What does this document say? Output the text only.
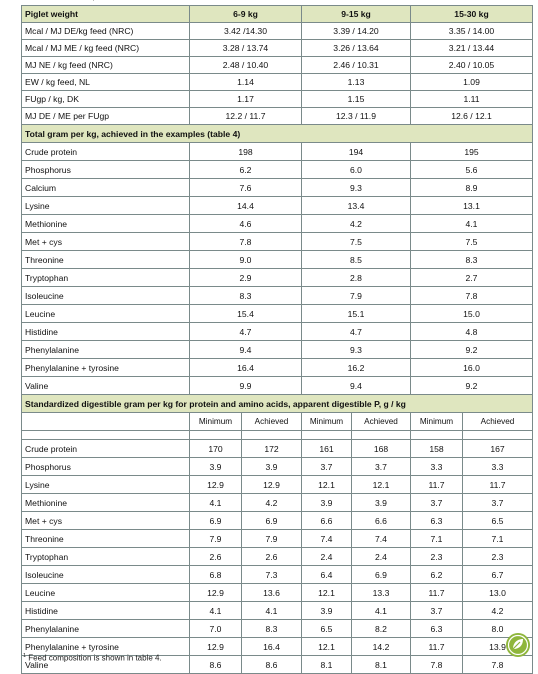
Piglet weight	6-9 kg		9-15 kg		15-30 kg	
Mcal / MJ DE/kg feed (NRC)	3.42 /14.30		3.39 / 14.20		3.35 / 14.00	
Mcal / MJ ME / kg feed (NRC)	3.28 / 13.74		3.26 / 13.64		3.21 / 13.44	
MJ NE / kg feed (NRC)	2.48 / 10.40		2.46 / 10.31		2.40 / 10.05	
EW / kg feed, NL	1.14		1.13		1.09	
FUgp / kg, DK	1.17		1.15		1.11	
MJ DE / ME per FUgp	12.2 / 11.7		12.3 / 11.9		12.6 / 12.1	
Total gram per kg, achieved in the examples (table 4)						
Crude protein	198		194		195	
Phosphorus	6.2		6.0		5.6	
Calcium	7.6		9.3		8.9	
Lysine	14.4		13.4		13.1	
Methionine	4.6		4.2		4.1	
Met + cys	7.8		7.5		7.5	
Threonine	9.0		8.5		8.3	
Tryptophan	2.9		2.8		2.7	
Isoleucine	8.3		7.9		7.8	
Leucine	15.4		15.1		15.0	
Histidine	4.7		4.7		4.8	
Phenylalanine	9.4		9.3		9.2	
Phenylalanine + tyrosine	16.4		16.2		16.0	
Valine	9.9		9.4		9.2	
Standardized digestible gram per kg for protein and amino acids, apparent digestible P, g / kg						
	Minimum	Achieved	Minimum	Achieved	Minimum	Achieved

Crude protein	170	172	161	168	158	167
Phosphorus	3.9	3.9	3.7	3.7	3.3	3.3
Lysine	12.9	12.9	12.1	12.1	11.7	11.7
Methionine	4.1	4.2	3.9	3.9	3.7	3.7
Met + cys	6.9	6.9	6.6	6.6	6.3	6.5
Threonine	7.9	7.9	7.4	7.4	7.1	7.1
Tryptophan	2.6	2.6	2.4	2.4	2.3	2.3
Isoleucine	6.8	7.3	6.4	6.9	6.2	6.7
Leucine	12.9	13.6	12.1	13.3	11.7	13.0
Histidine	4.1	4.1	3.9	4.1	3.7	4.2
Phenylalanine	7.0	8.3	6.5	8.2	6.3	8.0
Phenylalanine + tyrosine	12.9	16.4	12.1	14.2	11.7	13.9
Valine	8.6	8.6	8.1	8.1	7.8	7.8
$^1$ Feed composition is shown in table 4.
